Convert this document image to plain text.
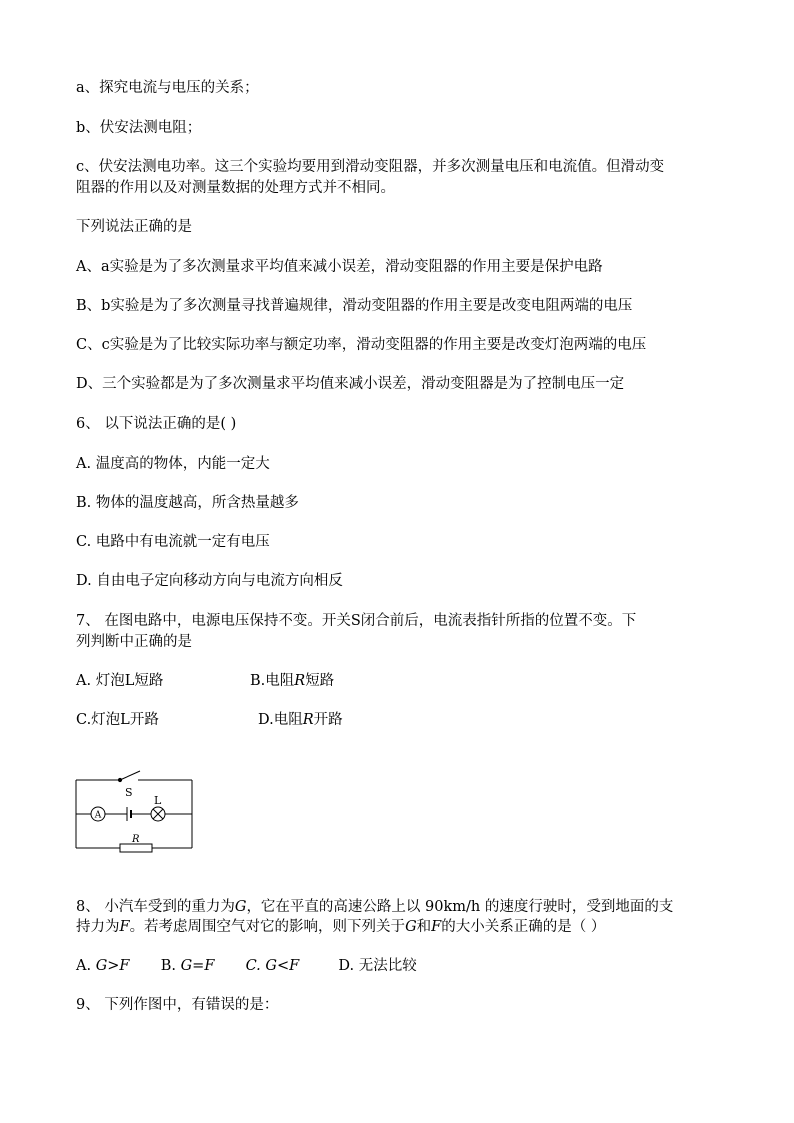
a、探究电流与电压的关系；
b、伏安法测电阻；
c、伏安法测电功率。这三个实验均要用到滑动变阻器，并多次测量电压和电流值。但滑动变
阻器的作用以及对测量数据的处理方式并不相同。
下列说法正确的是
A、a实验是为了多次测量求平均值来减小误差，滑动变阻器的作用主要是保护电路
B、b实验是为了多次测量寻找普遍规律，滑动变阻器的作用主要是改变电阻两端的电压
C、c实验是为了比较实际功率与额定功率，滑动变阻器的作用主要是改变灯泡两端的电压
D、三个实验都是为了多次测量求平均值来减小误差，滑动变阻器是为了控制电压一定
6、 以下说法正确的是( )
A. 温度高的物体，内能一定大
B. 物体的温度越高，所含热量越多
C. 电路中有电流就一定有电压
D. 自由电子定向移动方向与电流方向相反
7、 在图电路中，电源电压保持不变。开关S闭合前后，电流表指针所指的位置不变。下
列判断中正确的是
A. 灯泡L短路	B.电阻R短路
C.灯泡L开路	D.电阻R开路
S
L
A
R
8、 小汽车受到的重力为G，它在平直的高速公路上以 90km/h 的速度行驶时，受到地面的支
持力为F。若考虑周围空气对它的影响，则下列关于G和F的大小关系正确的是（ ）
A. G>F B. G=F C. G<F	D. 无法比较
9、 下列作图中，有错误的是：
